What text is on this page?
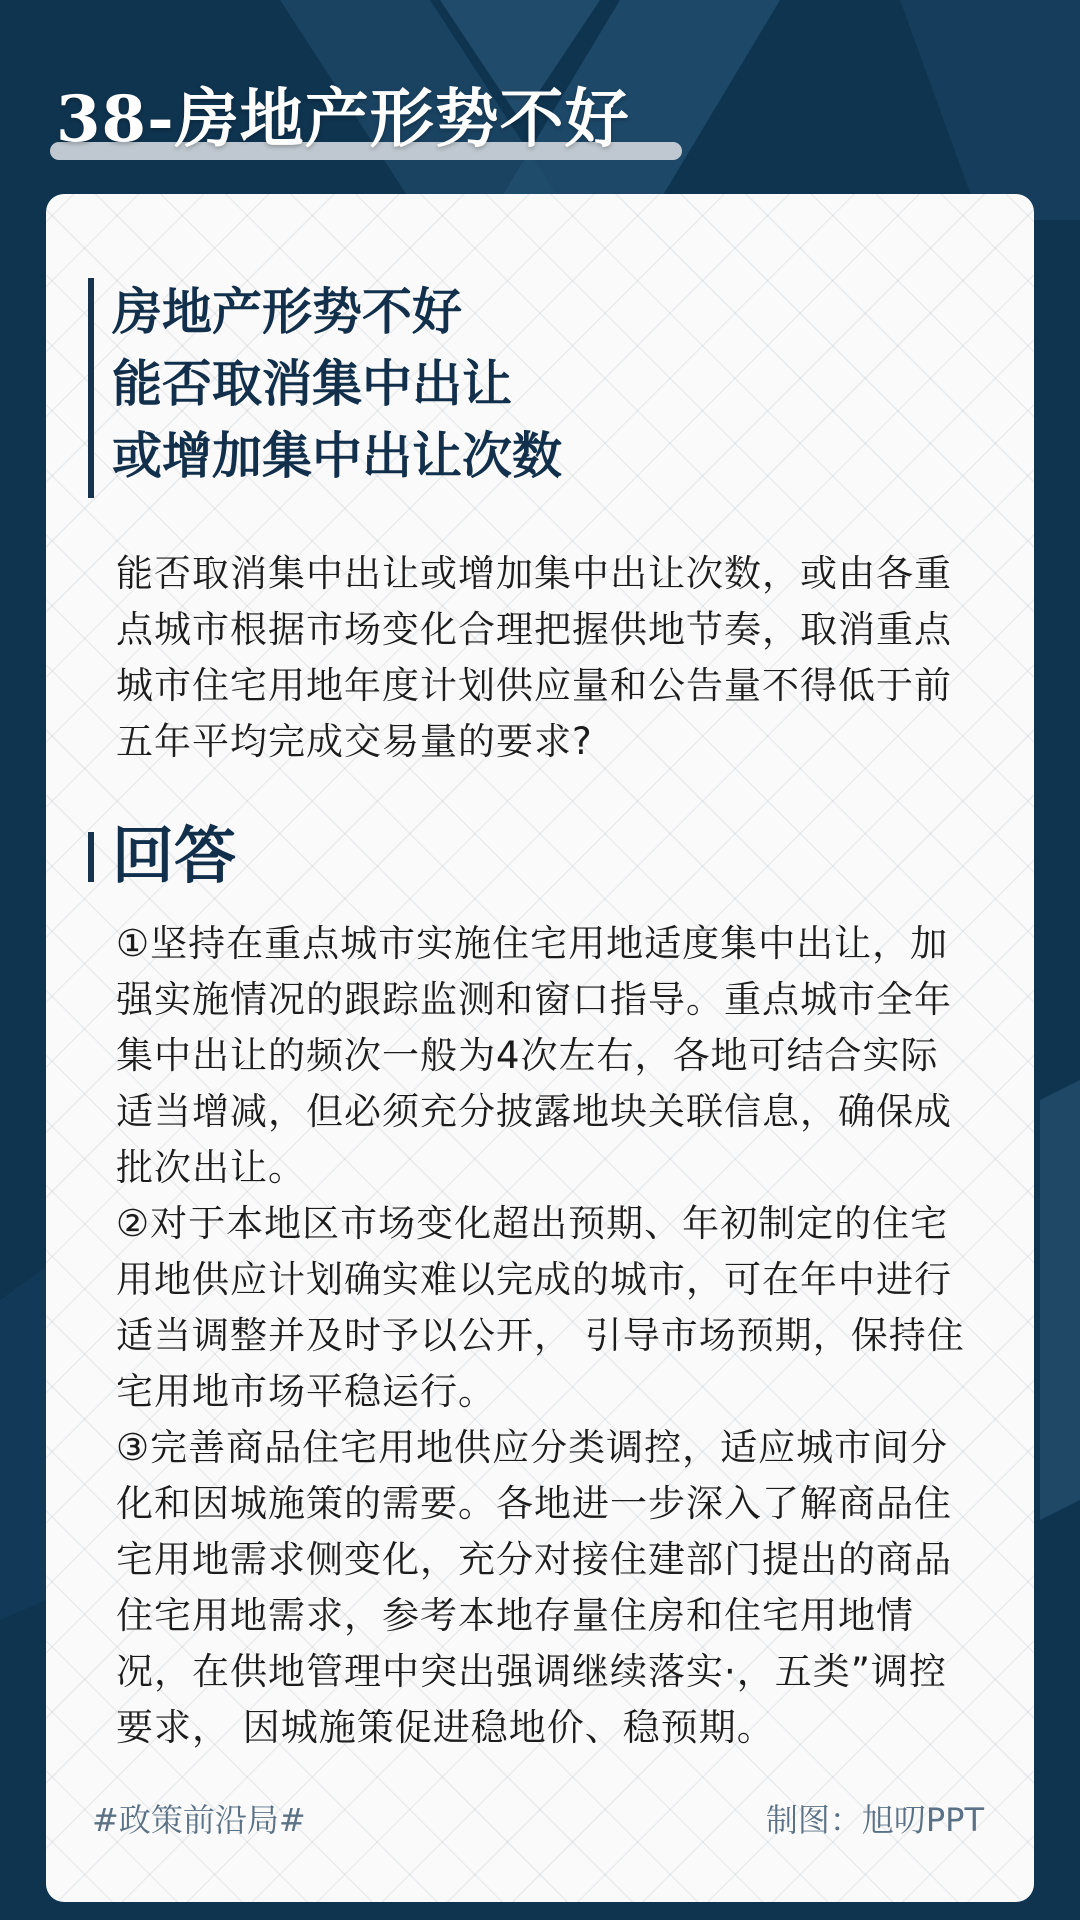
38-房地产形势不好
房地产形势不好
能否取消集中出让
或增加集中出让次数
能否取消集中出让或增加集中出让次数，或由各重点城市根据市场变化合理把握供地节奏，取消重点城市住宅用地年度计划供应量和公告量不得低于前五年平均完成交易量的要求?
回答
①坚持在重点城市实施住宅用地适度集中出让，加强实施情况的跟踪监测和窗口指导。重点城市全年集中出让的频次一般为4次左右，各地可结合实际适当增减，但必须充分披露地块关联信息，确保成批次出让。
②对于本地区市场变化超出预期、年初制定的住宅用地供应计划确实难以完成的城市，可在年中进行适当调整并及时予以公开， 引导市场预期，保持住宅用地市场平稳运行。
③完善商品住宅用地供应分类调控，适应城市间分化和因城施策的需要。各地进一步深入了解商品住宅用地需求侧变化，充分对接住建部门提出的商品住宅用地需求，参考本地存量住房和住宅用地情况，在供地管理中突出强调继续落实·，五类”调控要求， 因城施策促进稳地价、稳预期。
#政策前沿局#	制图：旭叨PPT
